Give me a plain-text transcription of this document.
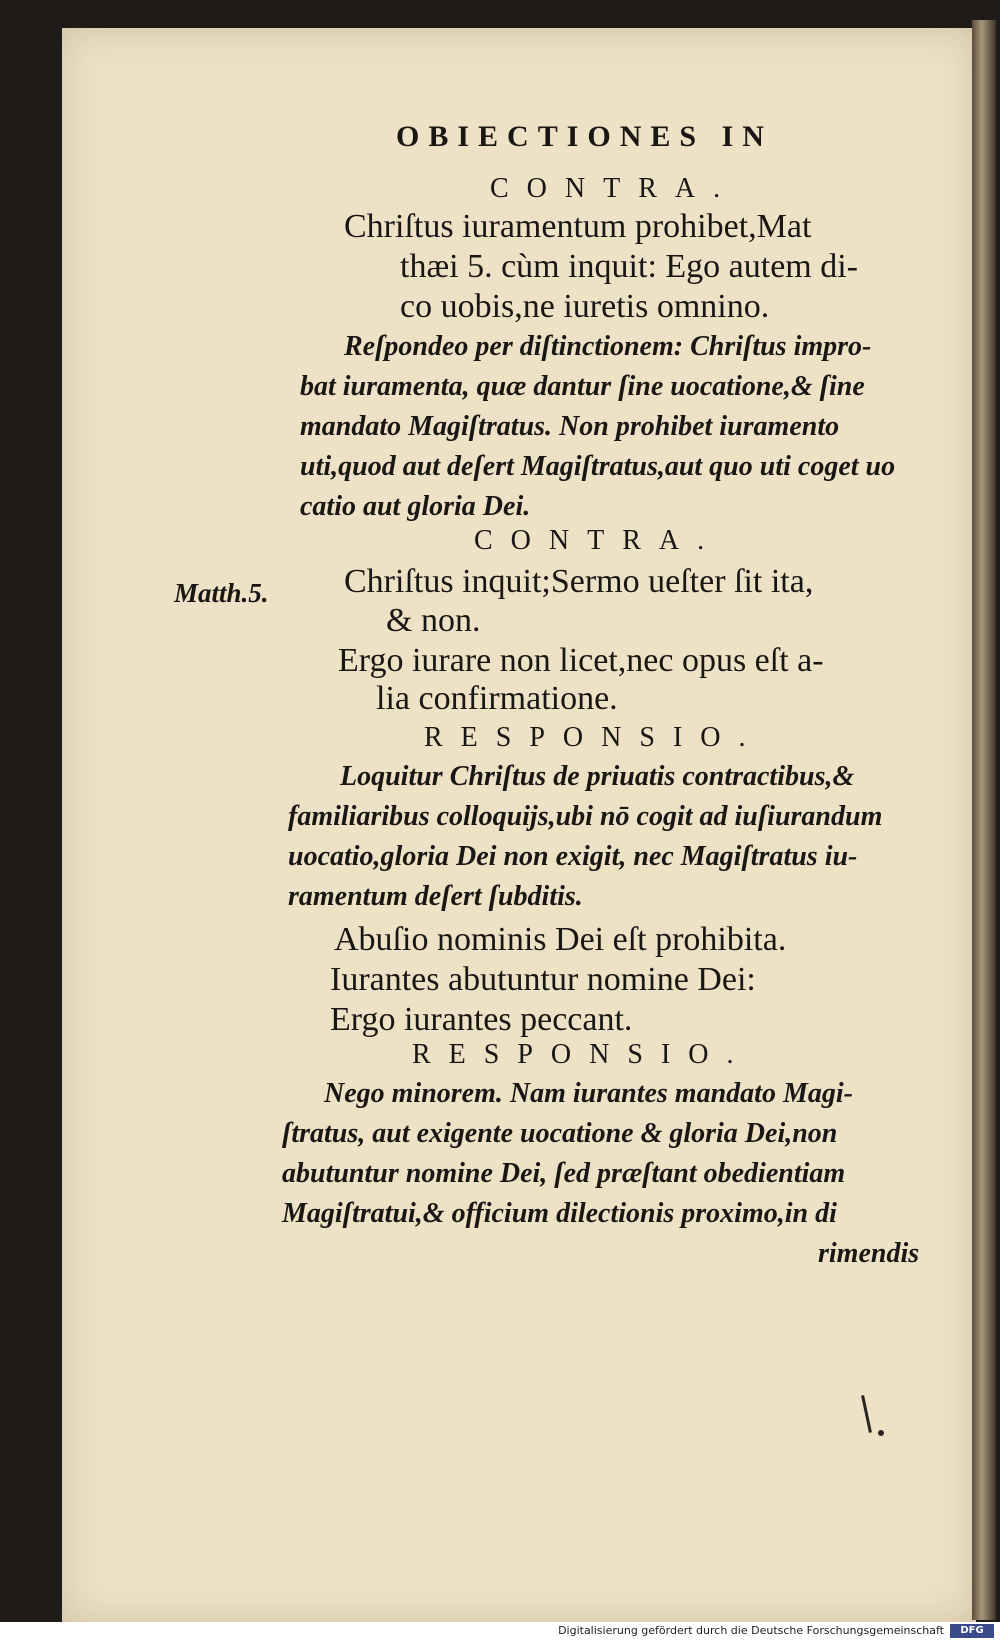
OBIECTIONES IN
CONTRA.
Chriſtus iuramentum prohibet,Mat
thæi 5. cùm inquit: Ego autem di-
co uobis,ne iuretis omnino.
Reſpondeo per diſtinctionem: Chriſtus impro-
bat iuramenta, quæ dantur ſine uocatione,& ſine
mandato Magiſtratus. Non prohibet iuramento
uti,quod aut deſert Magiſtratus,aut quo uti coget uo
catio aut gloria Dei.
CONTRA.
Matth.5. Chriſtus inquit;Sermo ueſter ſit ita,
& non.
Ergo iurare non licet,nec opus eſt a-
lia confirmatione.
RESPONSIO.
Loquitur Chriſtus de priuatis contractibus,&
familiaribus colloquijs,ubi nō cogit ad iuſiurandum
uocatio,gloria Dei non exigit, nec Magiſtratus iu-
ramentum deſert ſubditis.
Abuſio nominis Dei eſt prohibita.
Iurantes abutuntur nomine Dei:
Ergo iurantes peccant.
RESPONSIO.
Nego minorem. Nam iurantes mandato Magi-
ſtratus, aut exigente uocatione & gloria Dei,non
abutuntur nomine Dei, ſed præſtant obedientiam
Magiſtratui,& officium dilectionis proximo,in di
rimendis
Digitalisierung gefördert durch die Deutsche Forschungsgemeinschaft	DFG
